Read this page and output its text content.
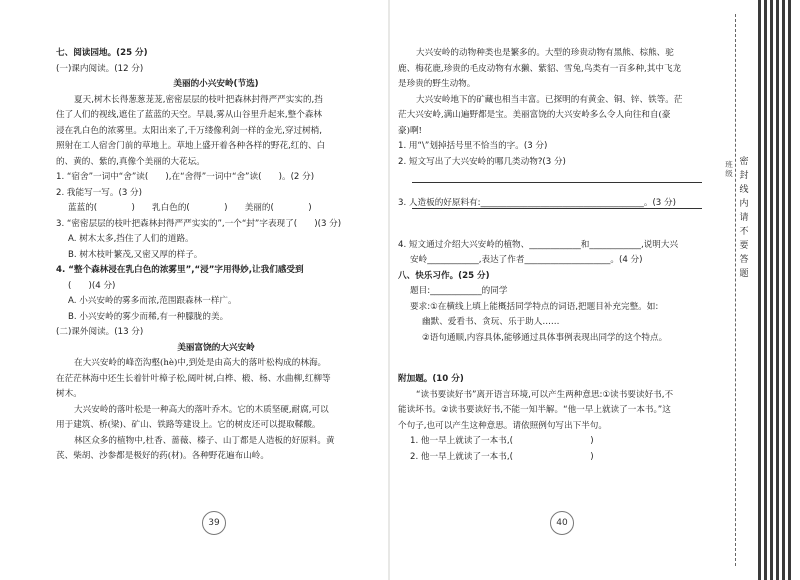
七、阅读园地。(25 分)
(一)课内阅读。(12 分)
美丽的小兴安岭(节选)
夏天,树木长得葱葱茏茏,密密层层的枝叶把森林封得严严实实的,挡
住了人们的视线,遮住了蓝蓝的天空。早晨,雾从山谷里升起来,整个森林
浸在乳白色的浓雾里。太阳出来了,千万缕像利剑一样的金光,穿过树梢,
照射在工人宿舍门前的草地上。草地上盛开着各种各样的野花,红的、白
的、黄的、紫的,真像个美丽的大花坛。
1. “宿舍”一词中“舍”读(　　),在“舍得”一词中“舍”读(　　)。(2 分)
2. 我能写一写。(3 分)
蓝蓝的(　　　　)　　乳白色的(　　　　)　　美丽的(　　　　)
3. “密密层层的枝叶把森林封得严严实实的”,一个“封”字表现了(　　)(3 分)
A. 树木太多,挡住了人们的道路。
B. 树木枝叶繁茂,又密又厚的样子。
4. “整个森林浸在乳白色的浓雾里”,“浸”字用得妙,让我们感受到
(　　)(4 分)
A. 小兴安岭的雾多而浓,范围跟森林一样广。
B. 小兴安岭的雾少而稀,有一种朦胧的美。
(二)课外阅读。(13 分)
美丽富饶的大兴安岭
在大兴安岭的峰峦沟壑(hè)中,到处是由高大的落叶松构成的林海。
在茫茫林海中还生长着针叶樟子松,阔叶树,白桦、椴、杨、水曲柳,红柳等
树木。
大兴安岭的落叶松是一种高大的落叶乔木。它的木质坚硬,耐腐,可以
用于建筑、桥(梁)、矿山、铁路等建设上。它的树皮还可以提取鞣酸。
林区众多的植物中,杜香、蔷薇、榛子、山丁都是人造板的好原料。黄
芪、柴胡、沙参都是极好的药(材)。各种野花遍布山岭。
大兴安岭的动物种类也是繁多的。大型的珍贵动物有黑熊、棕熊、驼
鹿、梅花鹿,珍贵的毛皮动物有水獭、紫貂、雪兔,鸟类有一百多种,其中飞龙
是珍贵的野生动物。
大兴安岭地下的矿藏也相当丰富。已探明的有黄金、铜、锌、铁等。茫
茫大兴安岭,满山遍野都是宝。美丽富饶的大兴安岭多么令人向往和自(豪
豪)啊!
1. 用“\”划掉括号里不恰当的字。(3 分)
2. 短文写出了大兴安岭的哪几类动物?(3 分)
3. 人造板的好原料有:______________________________________。(3 分)
4. 短文通过介绍大兴安岭的植物、____________和____________,说明大兴
安岭____________,表达了作者____________________。(4 分)
八、快乐习作。(25 分)
题目:____________的同学
要求:①在横线上填上能概括同学特点的词语,把题目补充完整。如:
幽默、爱看书、贪玩、乐于助人……
②语句通顺,内容具体,能够通过具体事例表现出同学的这个特点。
附加题。(10 分)
“读书要读好书”离开语言环境,可以产生两种意思:①读书要读好书,不
能读坏书。②读书要读好书,不能一知半解。“他一早上就读了一本书。”这
个句子,也可以产生这种意思。请依照例句写出下半句。
1. 他一早上就读了一本书,(　　　　　　　　　)
2. 他一早上就读了一本书,(　　　　　　　　　)
39	40
班级
密封线内请不要答题
